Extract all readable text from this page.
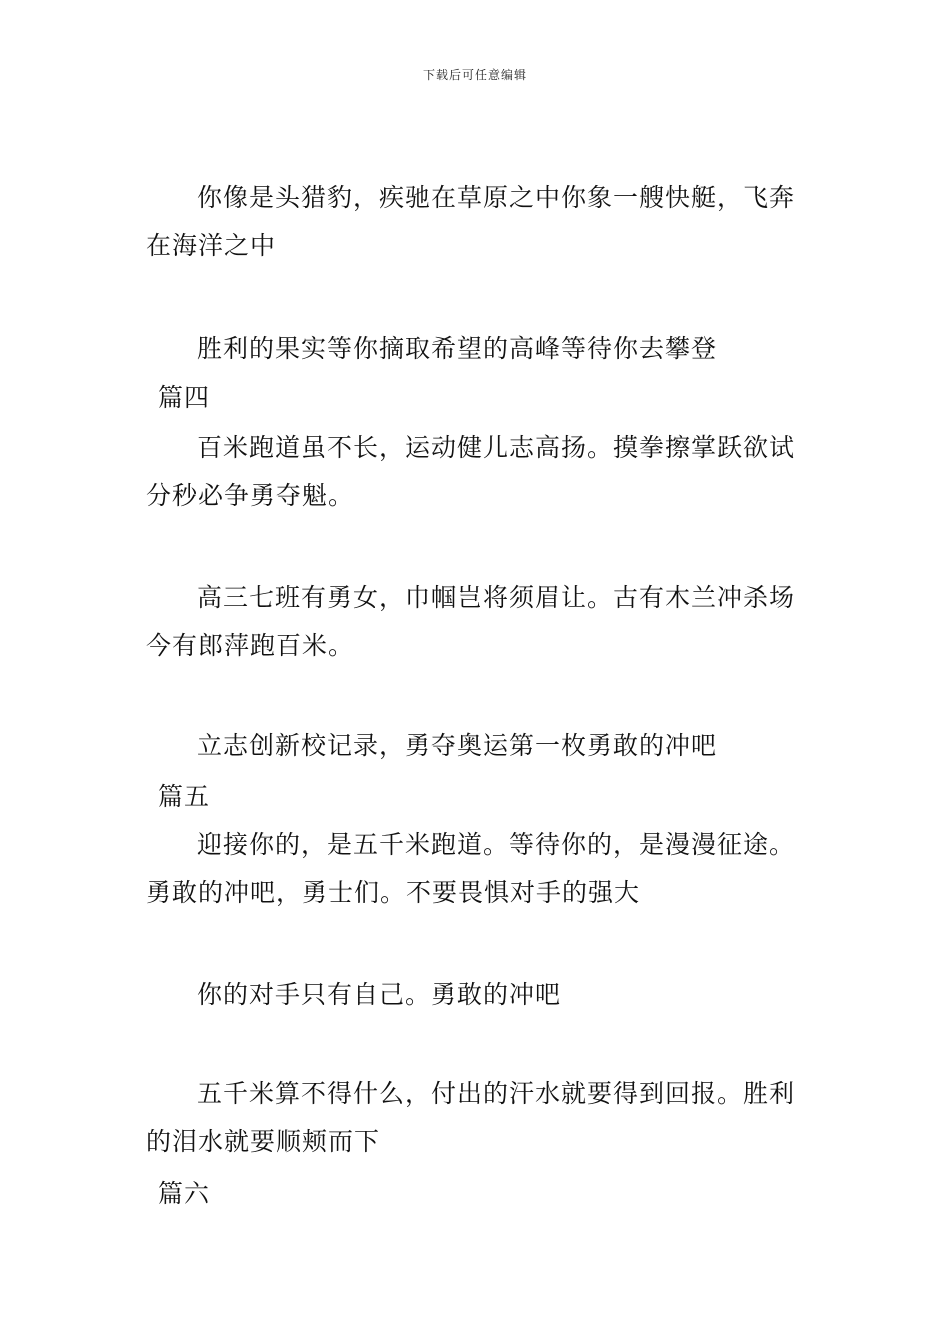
下载后可任意编辑

你像是头猎豹，疾驰在草原之中你象一艘快艇，飞奔在海洋之中

胜利的果实等你摘取希望的高峰等待你去攀登

篇四

百米跑道虽不长，运动健儿志高扬。摸拳擦掌跃欲试分秒必争勇夺魁。

高三七班有勇女，巾帼岂将须眉让。古有木兰冲杀场今有郎萍跑百米。

立志创新校记录，勇夺奥运第一枚勇敢的冲吧

篇五

迎接你的，是五千米跑道。等待你的，是漫漫征途。勇敢的冲吧，勇士们。不要畏惧对手的强大

你的对手只有自己。勇敢的冲吧

五千米算不得什么，付出的汗水就要得到回报。胜利的泪水就要顺颊而下

篇六
